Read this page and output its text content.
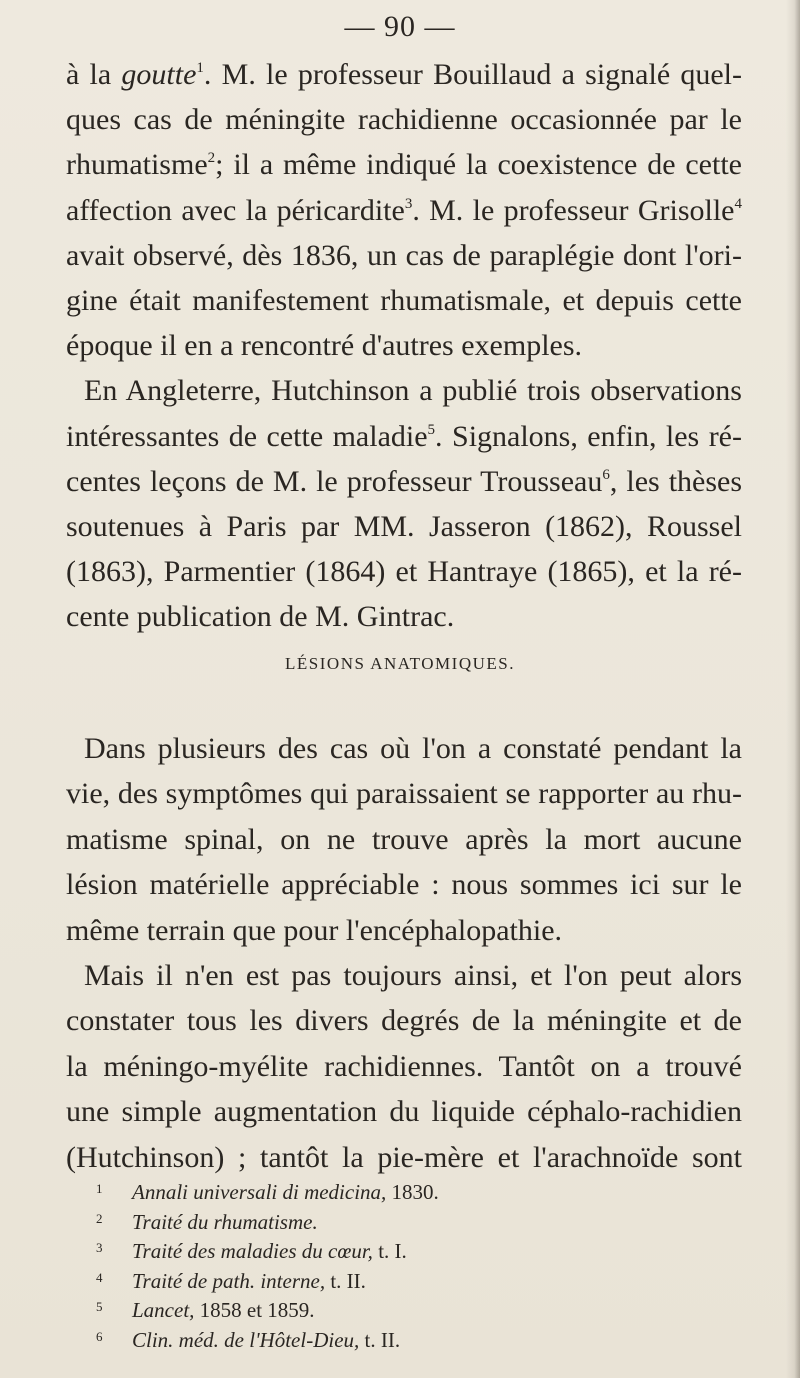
— 90 —
à la goutte$^1$. M. le professeur Bouillaud a signalé quel-
ques cas de méningite rachidienne occasionnée par le
rhumatisme$^2$; il a même indiqué la coexistence de cette
affection avec la péricardite$^3$. M. le professeur Grisolle$^4$
avait observé, dès 1836, un cas de paraplégie dont l'ori-
gine était manifestement rhumatismale, et depuis cette
époque il en a rencontré d'autres exemples.
En Angleterre, Hutchinson a publié trois observations
intéressantes de cette maladie$^5$. Signalons, enfin, les ré-
centes leçons de M. le professeur Trousseau$^6$, les thèses
soutenues à Paris par MM. Jasseron (1862), Roussel
(1863), Parmentier (1864) et Hantraye (1865), et la ré-
cente publication de M. Gintrac.
LÉSIONS ANATOMIQUES.
Dans plusieurs des cas où l'on a constaté pendant la
vie, des symptômes qui paraissaient se rapporter au rhu-
matisme spinal, on ne trouve après la mort aucune
lésion matérielle appréciable : nous sommes ici sur le
même terrain que pour l'encéphalopathie.
Mais il n'en est pas toujours ainsi, et l'on peut alors
constater tous les divers degrés de la méningite et de
la méningo-myélite rachidiennes. Tantôt on a trouvé
une simple augmentation du liquide céphalo-rachidien
(Hutchinson) ; tantôt la pie-mère et l'arachnoïde sont
1 Annali universali di medicina, 1830.
2 Traité du rhumatisme.
3 Traité des maladies du cœur, t. I.
4 Traité de path. interne, t. II.
5 Lancet, 1858 et 1859.
6 Clin. méd. de l'Hôtel-Dieu, t. II.
